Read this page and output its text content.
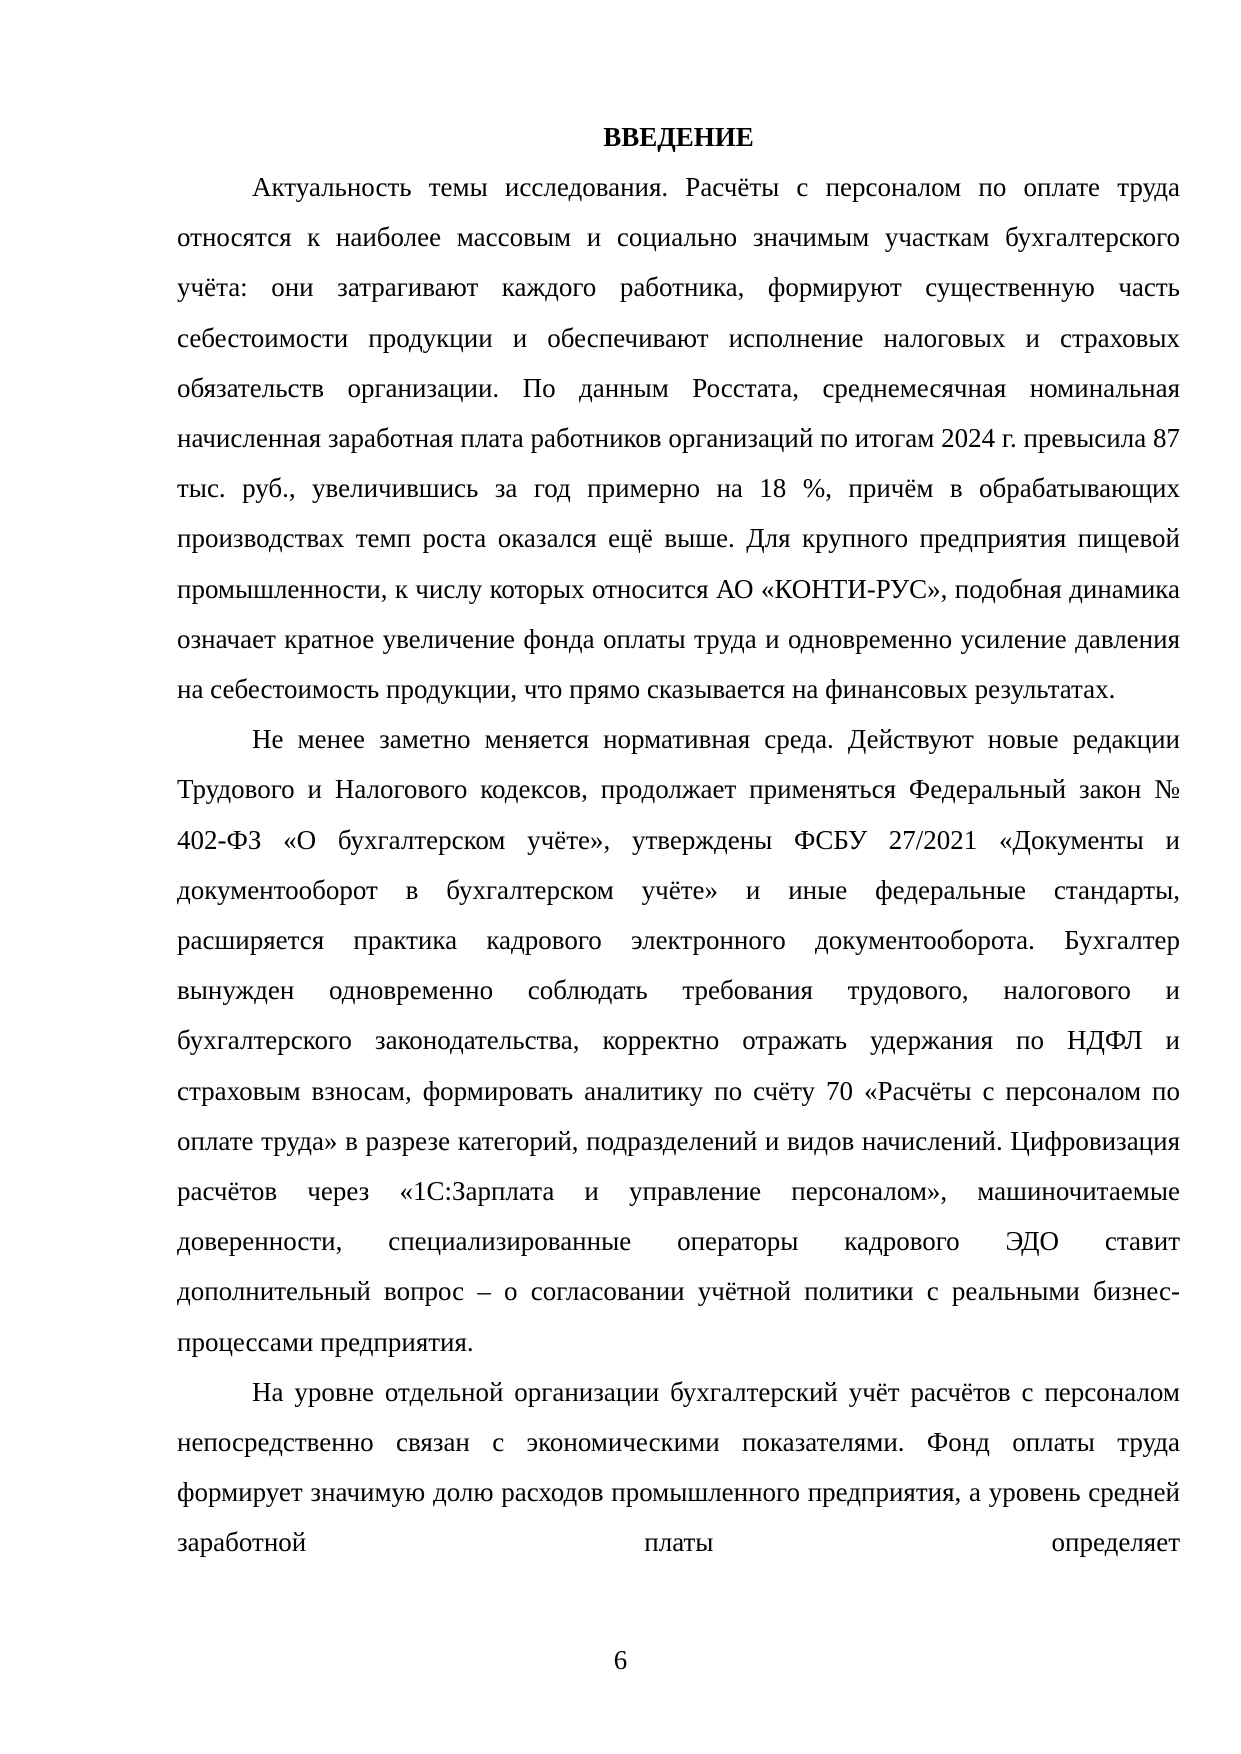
ВВЕДЕНИЕ

Актуальность темы исследования. Расчёты с персоналом по оплате труда относятся к наиболее массовым и социально значимым участкам бухгалтерского учёта: они затрагивают каждого работника, формируют существенную часть себестоимости продукции и обеспечивают исполнение налоговых и страховых обязательств организации. По данным Росстата, среднемесячная номинальная начисленная заработная плата работников организаций по итогам 2024 г. превысила 87 тыс. руб., увеличившись за год примерно на 18 %, причём в обрабатывающих производствах темп роста оказался ещё выше. Для крупного предприятия пищевой промышленности, к числу которых относится АО «КОНТИ-РУС», подобная динамика означает кратное увеличение фонда оплаты труда и одновременно усиление давления на себестоимость продукции, что прямо сказывается на финансовых результатах.

Не менее заметно меняется нормативная среда. Действуют новые редакции Трудового и Налогового кодексов, продолжает применяться Федеральный закон № 402-ФЗ «О бухгалтерском учёте», утверждены ФСБУ 27/2021 «Документы и документооборот в бухгалтерском учёте» и иные федеральные стандарты, расширяется практика кадрового электронного документооборота. Бухгалтер вынужден одновременно соблюдать требования трудового, налогового и бухгалтерского законодательства, корректно отражать удержания по НДФЛ и страховым взносам, формировать аналитику по счёту 70 «Расчёты с персоналом по оплате труда» в разрезе категорий, подразделений и видов начислений. Цифровизация расчётов через «1С:Зарплата и управление персоналом», машиночитаемые доверенности, специализированные операторы кадрового ЭДО ставит дополнительный вопрос – о согласовании учётной политики с реальными бизнес-процессами предприятия.

На уровне отдельной организации бухгалтерский учёт расчётов с персоналом непосредственно связан с экономическими показателями. Фонд оплаты труда формирует значимую долю расходов промышленного предприятия, а уровень средней заработной платы определяет

6
